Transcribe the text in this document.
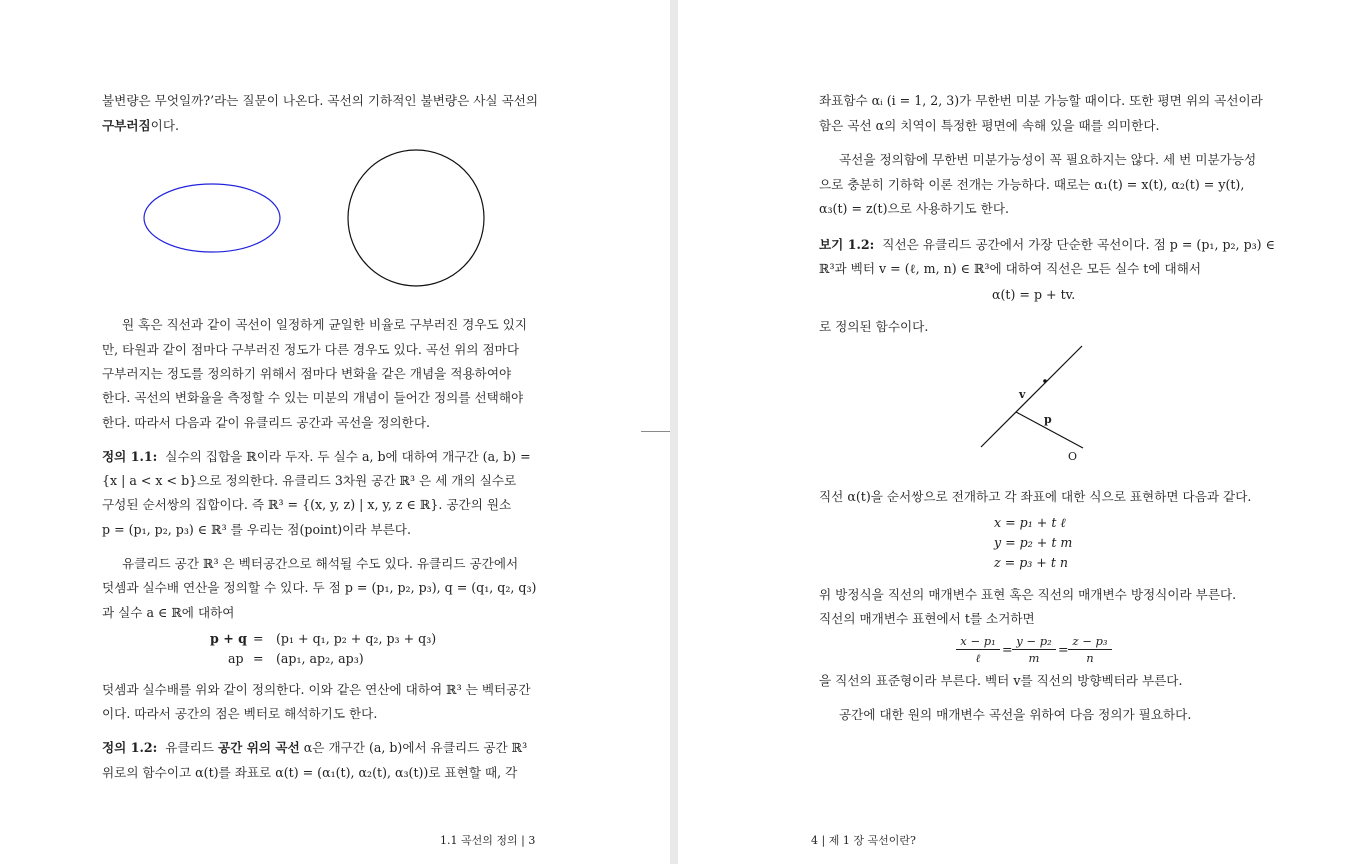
불변량은 무엇일까?’라는 질문이 나온다. 곡선의 기하적인 불변량은 사실 곡선의
구부러짐이다.
원 혹은 직선과 같이 곡선이 일정하게 균일한 비율로 구부러진 경우도 있지
만, 타원과 같이 점마다 구부러진 정도가 다른 경우도 있다. 곡선 위의 점마다
구부러지는 정도를 정의하기 위해서 점마다 변화율 같은 개념을 적용하여야
한다. 곡선의 변화율을 측정할 수 있는 미분의 개념이 들어간 정의를 선택해야
한다. 따라서 다음과 같이 유클리드 공간과 곡선을 정의한다.
정의 1.1: 실수의 집합을 ℝ이라 두자. 두 실수 a, b에 대하여 개구간 (a, b) =
{x | a < x < b}으로 정의한다. 유클리드 3차원 공간 ℝ³ 은 세 개의 실수로
구성된 순서쌍의 집합이다. 즉 ℝ³ = {(x, y, z) | x, y, z ∈ ℝ}. 공간의 원소
p = (p₁, p₂, p₃) ∈ ℝ³ 를 우리는 점(point)이라 부른다.
유클리드 공간 ℝ³ 은 벡터공간으로 해석될 수도 있다. 유클리드 공간에서
덧셈과 실수배 연산을 정의할 수 있다. 두 점 p = (p₁, p₂, p₃), q = (q₁, q₂, q₃)
과 실수 a ∈ ℝ에 대하여
p + q = (p₁ + q₁, p₂ + q₂, p₃ + q₃)
ap = (ap₁, ap₂, ap₃)
덧셈과 실수배를 위와 같이 정의한다. 이와 같은 연산에 대하여 ℝ³ 는 벡터공간
이다. 따라서 공간의 점은 벡터로 해석하기도 한다.
정의 1.2: 유클리드 공간 위의 곡선 α은 개구간 (a, b)에서 유클리드 공간 ℝ³
위로의 함수이고 α(t)를 좌표로 α(t) = (α₁(t), α₂(t), α₃(t))로 표현할 때, 각
1.1 곡선의 정의 | 3
좌표함수 αᵢ (i = 1, 2, 3)가 무한번 미분 가능할 때이다. 또한 평면 위의 곡선이라
함은 곡선 α의 치역이 특정한 평면에 속해 있을 때를 의미한다.
곡선을 정의함에 무한번 미분가능성이 꼭 필요하지는 않다. 세 번 미분가능성
으로 충분히 기하학 이론 전개는 가능하다. 때로는 α₁(t) = x(t), α₂(t) = y(t),
α₃(t) = z(t)으로 사용하기도 한다.
보기 1.2: 직선은 유클리드 공간에서 가장 단순한 곡선이다. 점 p = (p₁, p₂, p₃) ∈
ℝ³과 벡터 v = (ℓ, m, n) ∈ ℝ³에 대하여 직선은 모든 실수 t에 대해서
α(t) = p + tv.
로 정의된 함수이다.
v
p
O
직선 α(t)을 순서쌍으로 전개하고 각 좌표에 대한 식으로 표현하면 다음과 같다.
x = p₁ + t ℓ
y = p₂ + t m
z = p₃ + t n
위 방정식을 직선의 매개변수 표현 혹은 직선의 매개변수 방정식이라 부른다.
직선의 매개변수 표현에서 t를 소거하면
x − p₁
ℓ
=
y − p₂
m
=
z − p₃
n
을 직선의 표준형이라 부른다. 벡터 v를 직선의 방향벡터라 부른다.
공간에 대한 원의 매개변수 곡선을 위하여 다음 정의가 필요하다.
4 | 제 1 장 곡선이란?
